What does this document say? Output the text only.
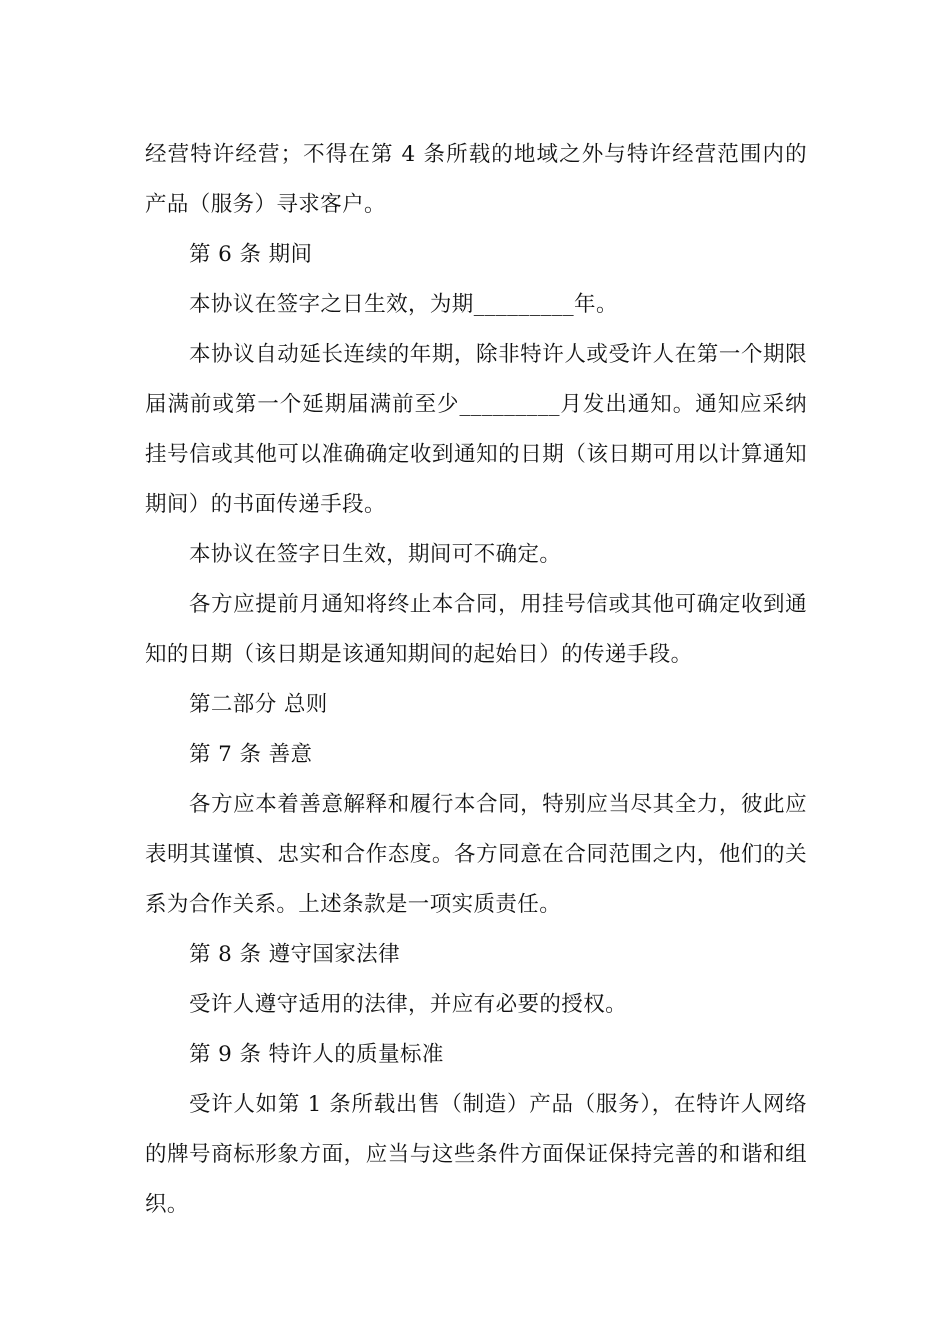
经营特许经营；不得在第 4 条所载的地域之外与特许经营范围内的产品（服务）寻求客户。

第 6 条 期间

本协议在签字之日生效，为期_________年。

本协议自动延长连续的年期，除非特许人或受许人在第一个期限届满前或第一个延期届满前至少_________月发出通知。通知应采纳挂号信或其他可以准确确定收到通知的日期（该日期可用以计算通知期间）的书面传递手段。

本协议在签字日生效，期间可不确定。

各方应提前月通知将终止本合同，用挂号信或其他可确定收到通知的日期（该日期是该通知期间的起始日）的传递手段。

第二部分 总则

第 7 条 善意

各方应本着善意解释和履行本合同，特别应当尽其全力，彼此应表明其谨慎、忠实和合作态度。各方同意在合同范围之内，他们的关系为合作关系。上述条款是一项实质责任。

第 8 条 遵守国家法律

受许人遵守适用的法律，并应有必要的授权。

第 9 条 特许人的质量标准

受许人如第 1 条所载出售（制造）产品（服务），在特许人网络的牌号商标形象方面，应当与这些条件方面保证保持完善的和谐和组织。
